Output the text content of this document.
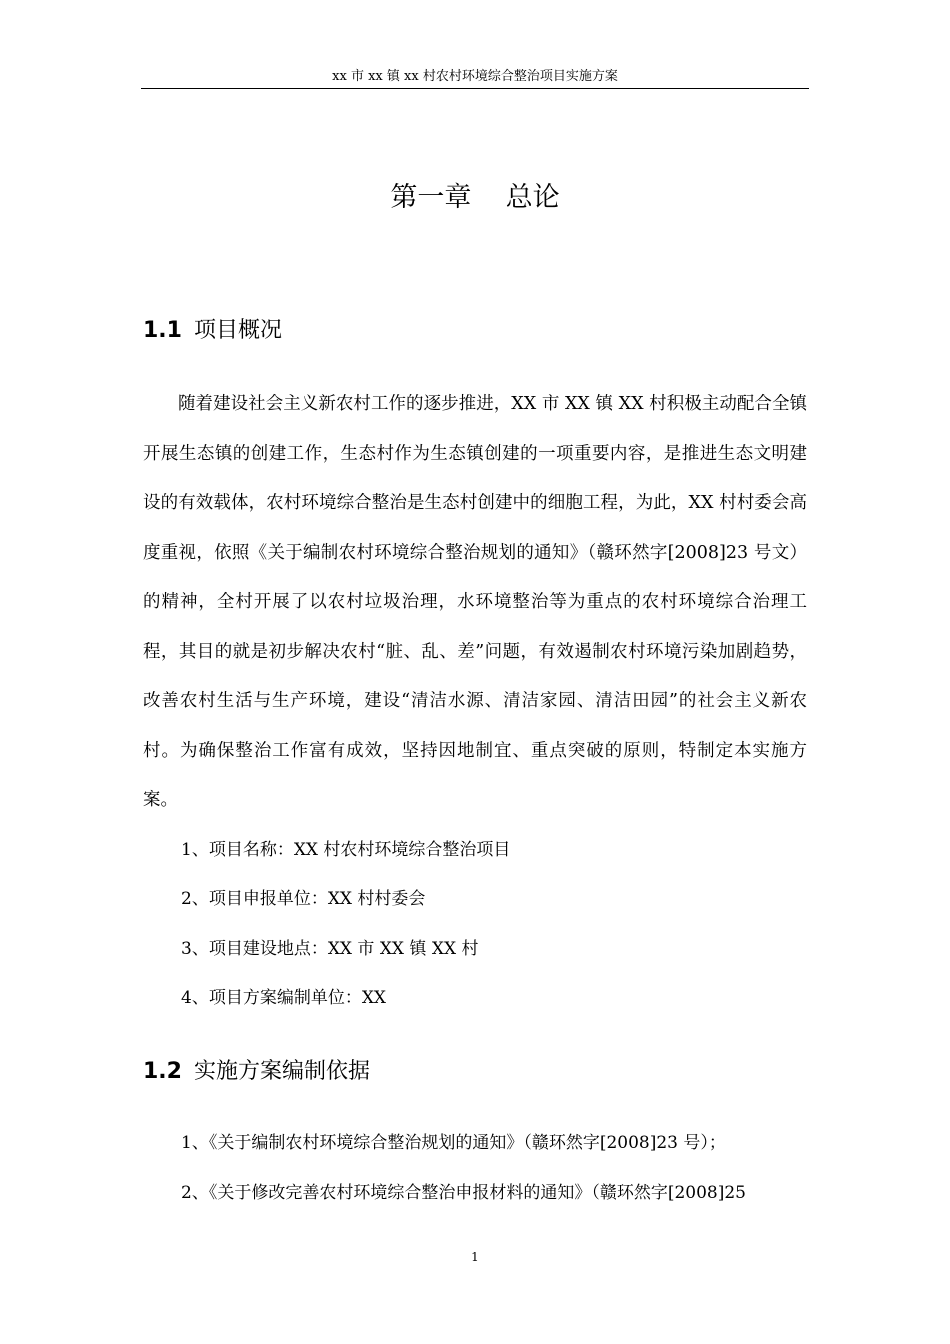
xx 市 xx 镇 xx 村农村环境综合整治项目实施方案
第一章    总论
1.1 项目概况

随着建设社会主义新农村工作的逐步推进，XX 市 XX 镇 XX 村积极主动配合全镇开展生态镇的创建工作，生态村作为生态镇创建的一项重要内容，是推进生态文明建设的有效载体，农村环境综合整治是生态村创建中的细胞工程，为此，XX 村村委会高度重视，依照《关于编制农村环境综合整治规划的通知》（赣环然字[2008]23 号文）的精神，全村开展了以农村垃圾治理，水环境整治等为重点的农村环境综合治理工程，其目的就是初步解决农村“脏、乱、差”问题，有效遏制农村环境污染加剧趋势，改善农村生活与生产环境，建设“清洁水源、清洁家园、清洁田园”的社会主义新农村。为确保整治工作富有成效，坚持因地制宜、重点突破的原则，特制定本实施方案。

1、项目名称：XX 村农村环境综合整治项目
2、项目申报单位：XX 村村委会
3、项目建设地点：XX 市 XX 镇 XX 村
4、项目方案编制单位：XX
1.2 实施方案编制依据
1、《关于编制农村环境综合整治规划的通知》（赣环然字[2008]23 号）；
2、《关于修改完善农村环境综合整治申报材料的通知》（赣环然字[2008]25
1
